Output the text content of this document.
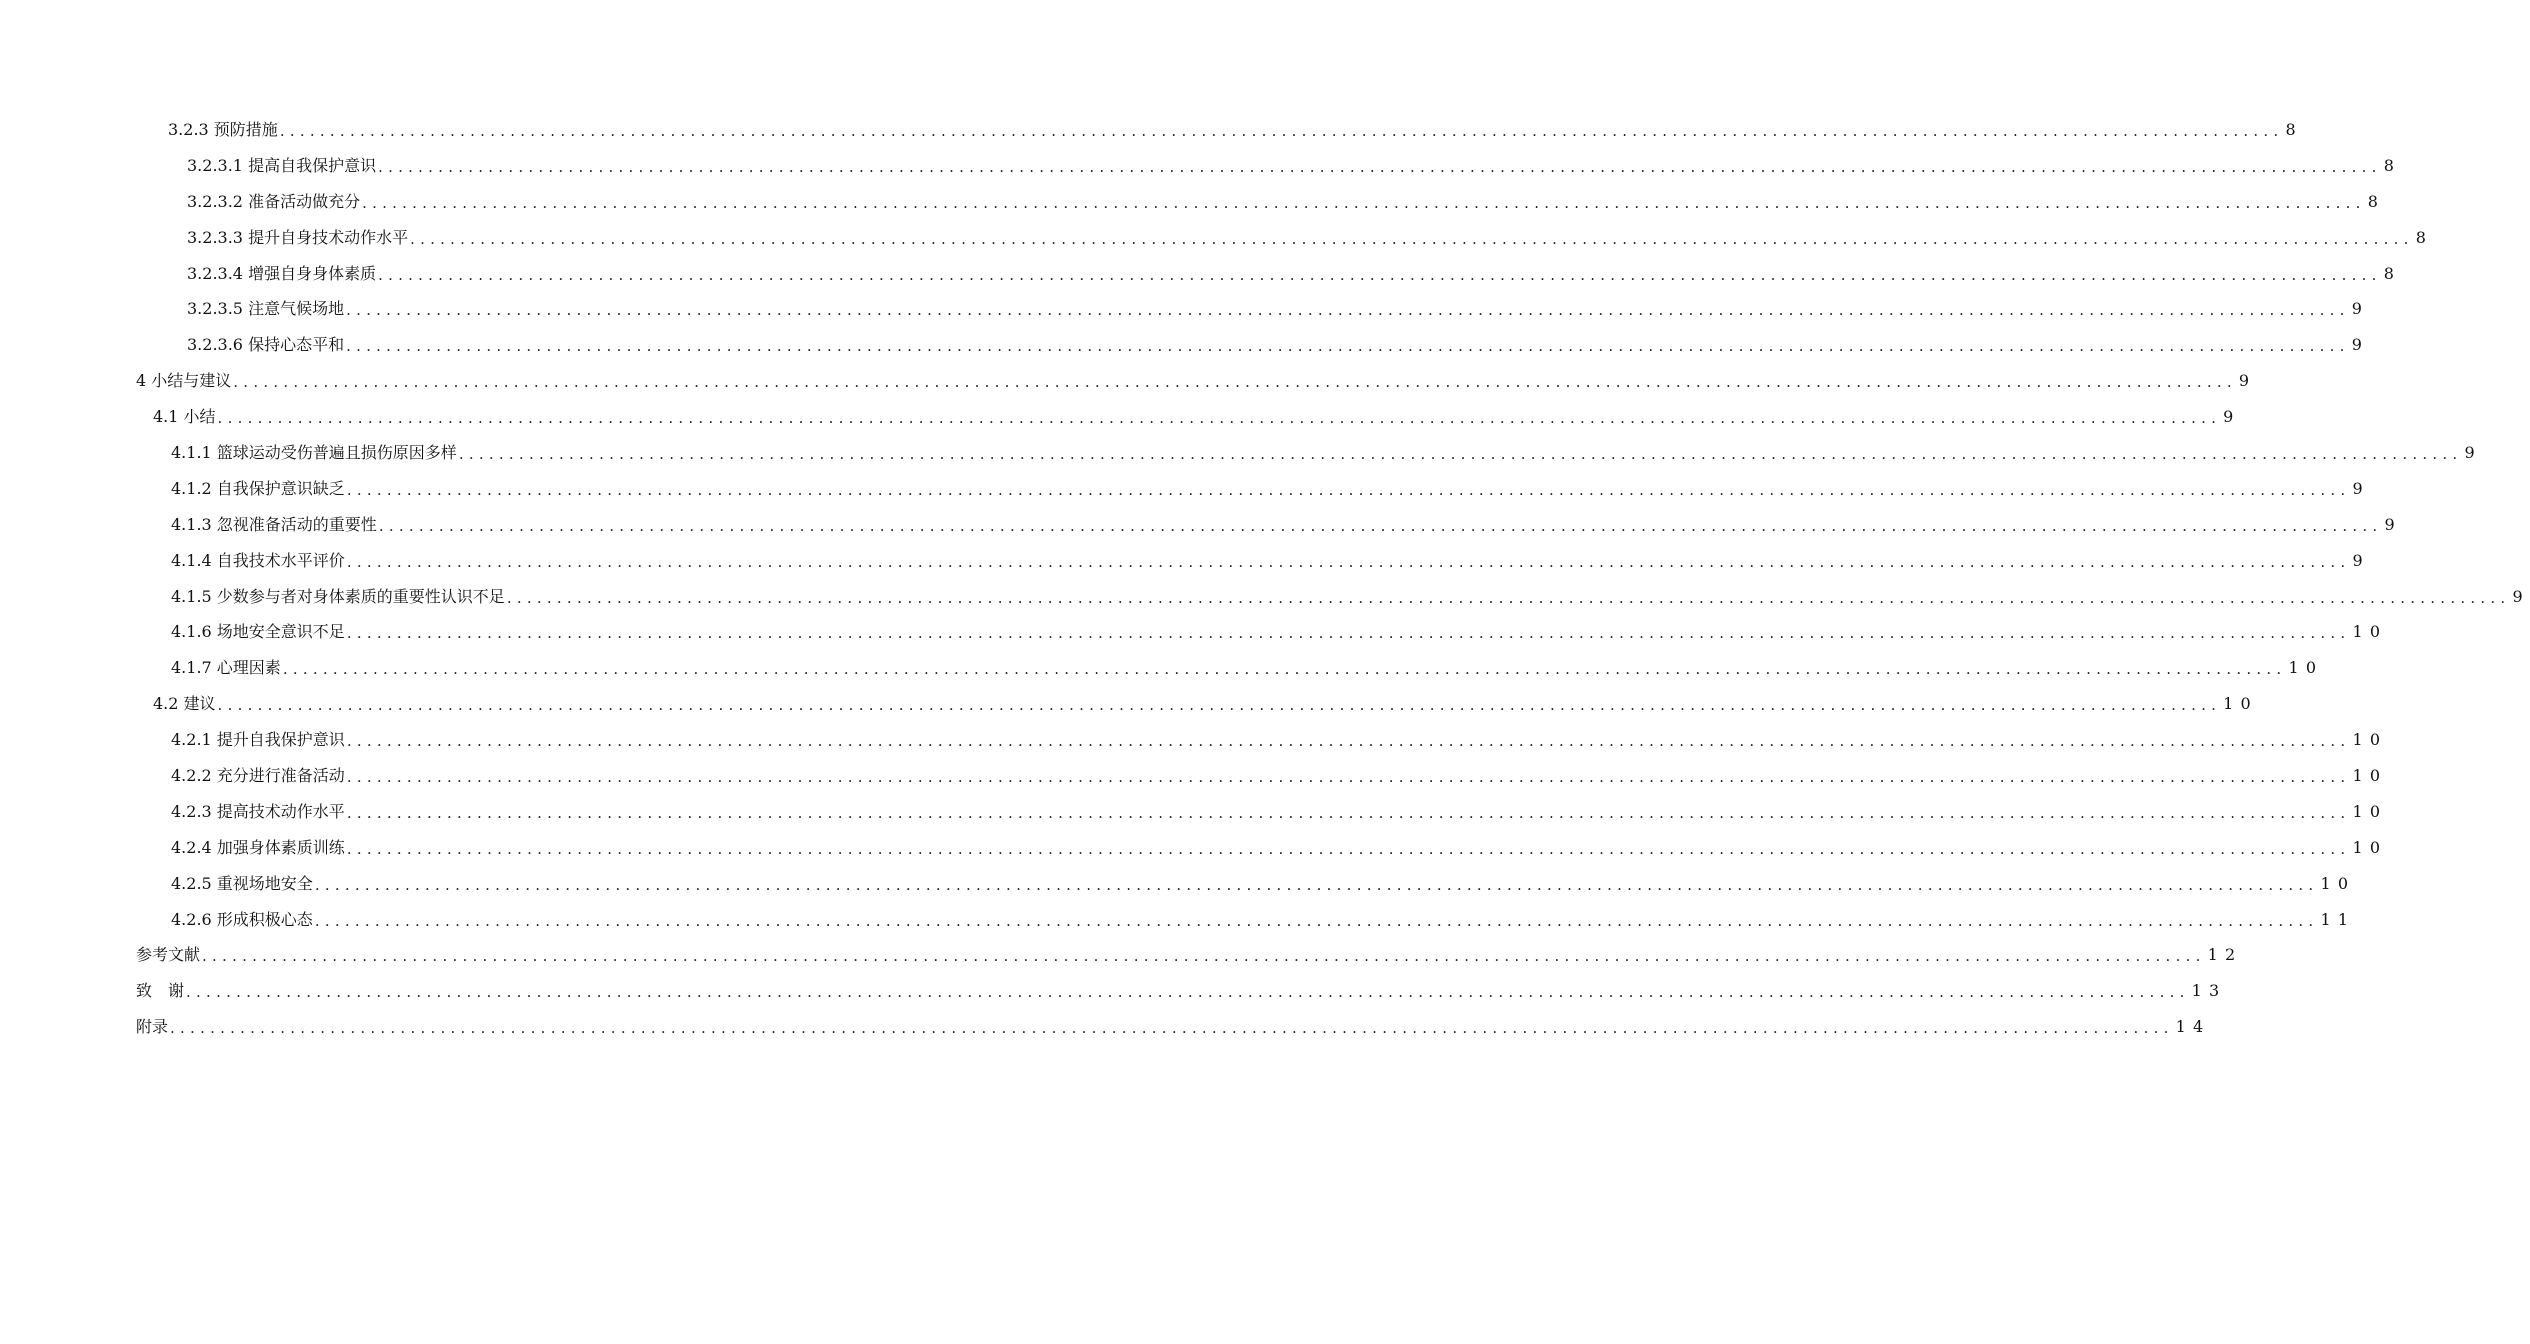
3.2.3 预防措施 ........................................................................................................................................................................................................ 8
3.2.3.1 提高自我保护意识 ........................................................................................................................................................................................................ 8
3.2.3.2 准备活动做充分 ........................................................................................................................................................................................................ 8
3.2.3.3 提升自身技术动作水平 ........................................................................................................................................................................................................ 8
3.2.3.4 增强自身身体素质 ........................................................................................................................................................................................................ 8
3.2.3.5 注意气候场地 ........................................................................................................................................................................................................ 9
3.2.3.6 保持心态平和 ........................................................................................................................................................................................................ 9
4 小结与建议 ........................................................................................................................................................................................................ 9
4.1 小结 ........................................................................................................................................................................................................ 9
4.1.1 篮球运动受伤普遍且损伤原因多样 ........................................................................................................................................................................................................ 9
4.1.2 自我保护意识缺乏 ........................................................................................................................................................................................................ 9
4.1.3 忽视准备活动的重要性 ........................................................................................................................................................................................................ 9
4.1.4 自我技术水平评价 ........................................................................................................................................................................................................ 9
4.1.5 少数参与者对身体素质的重要性认识不足 ........................................................................................................................................................................................................ 9
4.1.6 场地安全意识不足 ........................................................................................................................................................................................................ 10
4.1.7 心理因素 ........................................................................................................................................................................................................ 10
4.2 建议 ........................................................................................................................................................................................................ 10
4.2.1 提升自我保护意识 ........................................................................................................................................................................................................ 10
4.2.2 充分进行准备活动 ........................................................................................................................................................................................................ 10
4.2.3 提高技术动作水平 ........................................................................................................................................................................................................ 10
4.2.4 加强身体素质训练 ........................................................................................................................................................................................................ 10
4.2.5 重视场地安全 ........................................................................................................................................................................................................ 10
4.2.6 形成积极心态 ........................................................................................................................................................................................................ 11
参考文献 ........................................................................................................................................................................................................ 12
致　谢 ........................................................................................................................................................................................................ 13
附录 ........................................................................................................................................................................................................ 14
